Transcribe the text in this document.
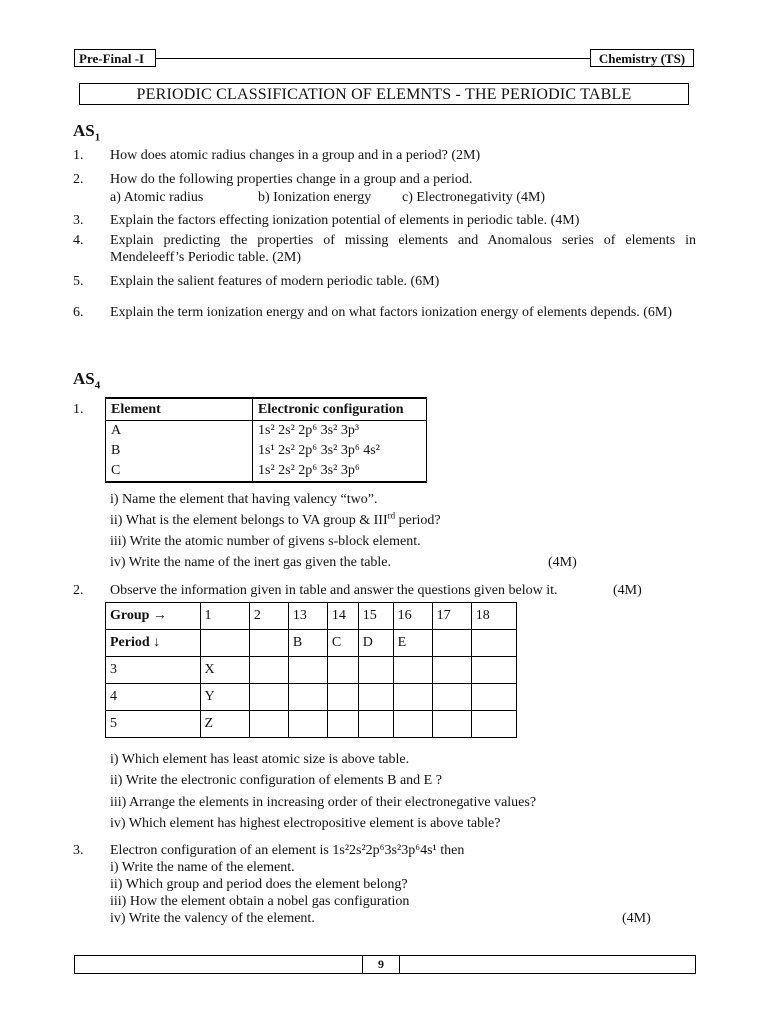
Pre-Final -I	Chemistry (TS)
PERIODIC CLASSIFICATION OF ELEMNTS - THE PERIODIC TABLE
$AS_1$
1. How does atomic radius changes in a group and in a period? (2M)
2. How do the following properties change in a group and a period.
a) Atomic radius	b) Ionization energy c) Electronegativity (4M)
3. Explain the factors effecting ionization potential of elements in periodic table. (4M)
4. Explain predicting the properties of missing elements and Anomalous series of elements in Mendeleeff’s Periodic table. (2M)
5. Explain the salient features of modern periodic table. (6M)
6. Explain the term ionization energy and on what factors ionization energy of elements depends. (6M)
$AS_4$
1. Element	Electronic configuration
A	1s² 2s² 2p⁶ 3s² 3p³
B	1s¹ 2s² 2p⁶ 3s² 3p⁶ 4s²
C	1s² 2s² 2p⁶ 3s² 3p⁶
i) Name the element that having valency “two”.
ii) What is the element belongs to VA group & IIIrd period?
iii) Write the atomic number of givens s-block element.
iv) Write the name of the inert gas given the table.	(4M)
2. Observe the information given in table and answer the questions given below it.	(4M)
Group →	1	2	13	14	15	16	17	18
Period ↓			B	C	D	E		
3	X							
4	Y							
5	Z							
i) Which element has least atomic size is above table.
ii) Write the electronic configuration of elements B and E ?
iii) Arrange the elements in increasing order of their electronegative values?
iv) Which element has highest electropositive element is above table?
3. Electron configuration of an element is 1s²2s²2p⁶3s²3p⁶4s¹ then
i) Write the name of the element.
ii) Which group and period does the element belong?
iii) How the element obtain a nobel gas configuration
iv) Write the valency of the element.	(4M)
9
